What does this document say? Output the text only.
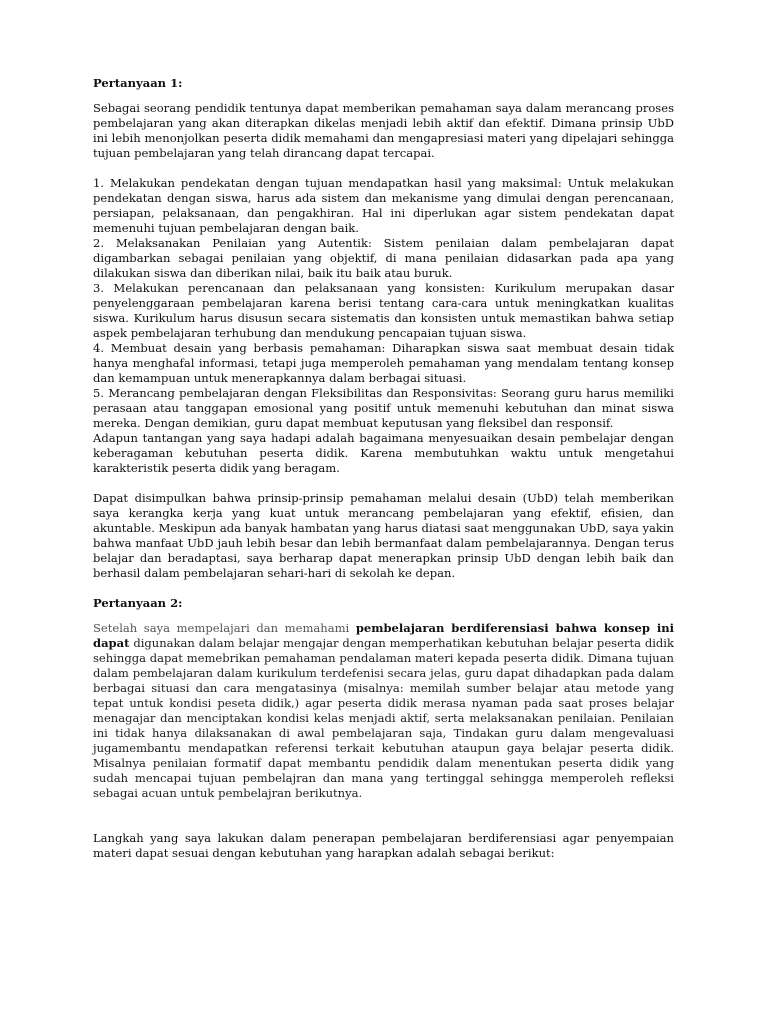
Pertanyaan 1:

Sebagai seorang pendidik tentunya dapat memberikan pemahaman saya dalam merancang proses pembelajaran yang akan diterapkan dikelas menjadi lebih aktif dan efektif. Dimana prinsip UbD ini lebih menonjolkan peserta didik memahami dan mengapresiasi materi yang dipelajari sehingga tujuan pembelajaran yang telah dirancang dapat tercapai.

1. Melakukan pendekatan dengan tujuan mendapatkan hasil yang maksimal: Untuk melakukan pendekatan dengan siswa, harus ada sistem dan mekanisme yang dimulai dengan perencanaan, persiapan, pelaksanaan, dan pengakhiran. Hal ini diperlukan agar sistem pendekatan dapat memenuhi tujuan pembelajaran dengan baik.

2. Melaksanakan Penilaian yang Autentik: Sistem penilaian dalam pembelajaran dapat digambarkan sebagai penilaian yang objektif, di mana penilaian didasarkan pada apa yang dilakukan siswa dan diberikan nilai, baik itu baik atau buruk.

3. Melakukan perencanaan dan pelaksanaan yang konsisten: Kurikulum merupakan dasar penyelenggaraan pembelajaran karena berisi tentang cara-cara untuk meningkatkan kualitas siswa. Kurikulum harus disusun secara sistematis dan konsisten untuk memastikan bahwa setiap aspek pembelajaran terhubung dan mendukung pencapaian tujuan siswa.

4. Membuat desain yang berbasis pemahaman: Diharapkan siswa saat membuat desain tidak hanya menghafal informasi, tetapi juga memperoleh pemahaman yang mendalam tentang konsep dan kemampuan untuk menerapkannya dalam berbagai situasi.

5. Merancang pembelajaran dengan Fleksibilitas dan Responsivitas: Seorang guru harus memiliki perasaan atau tanggapan emosional yang positif untuk memenuhi kebutuhan dan minat siswa mereka. Dengan demikian, guru dapat membuat keputusan yang fleksibel dan responsif.

Adapun tantangan yang saya hadapi adalah bagaimana menyesuaikan desain pembelajar dengan keberagaman kebutuhan peserta didik. Karena membutuhkan waktu untuk mengetahui karakteristik peserta didik yang beragam.

Dapat disimpulkan bahwa prinsip-prinsip pemahaman melalui desain (UbD) telah memberikan saya kerangka kerja yang kuat untuk merancang pembelajaran yang efektif, efisien, dan akuntable. Meskipun ada banyak hambatan yang harus diatasi saat menggunakan UbD, saya yakin bahwa manfaat UbD jauh lebih besar dan lebih bermanfaat dalam pembelajarannya. Dengan terus belajar dan beradaptasi, saya berharap dapat menerapkan prinsip UbD dengan lebih baik dan berhasil dalam pembelajaran sehari-hari di sekolah ke depan.

Pertanyaan 2:

Setelah saya mempelajari dan memahami pembelajaran berdiferensiasi bahwa konsep ini dapat digunakan dalam belajar mengajar dengan memperhatikan kebutuhan belajar peserta didik sehingga dapat memebrikan pemahaman pendalaman materi kepada peserta didik. Dimana tujuan dalam pembelajaran dalam kurikulum terdefenisi secara jelas, guru dapat dihadapkan pada dalam berbagai situasi dan cara mengatasinya (misalnya: memilah sumber belajar atau metode yang tepat untuk kondisi peseta didik,) agar peserta didik merasa nyaman pada saat proses belajar menagajar dan menciptakan kondisi kelas menjadi aktif, serta melaksanakan penilaian. Penilaian ini tidak hanya dilaksanakan di awal pembelajaran saja, Tindakan guru dalam mengevaluasi jugamembantu mendapatkan referensi terkait kebutuhan ataupun gaya belajar peserta didik. Misalnya penilaian formatif dapat membantu pendidik dalam menentukan peserta didik yang sudah mencapai tujuan pembelajran dan mana yang tertinggal sehingga memperoleh refleksi sebagai acuan untuk pembelajran berikutnya.

Langkah yang saya lakukan dalam penerapan pembelajaran berdiferensiasi agar penyempaian materi dapat sesuai dengan kebutuhan yang harapkan adalah sebagai berikut:
